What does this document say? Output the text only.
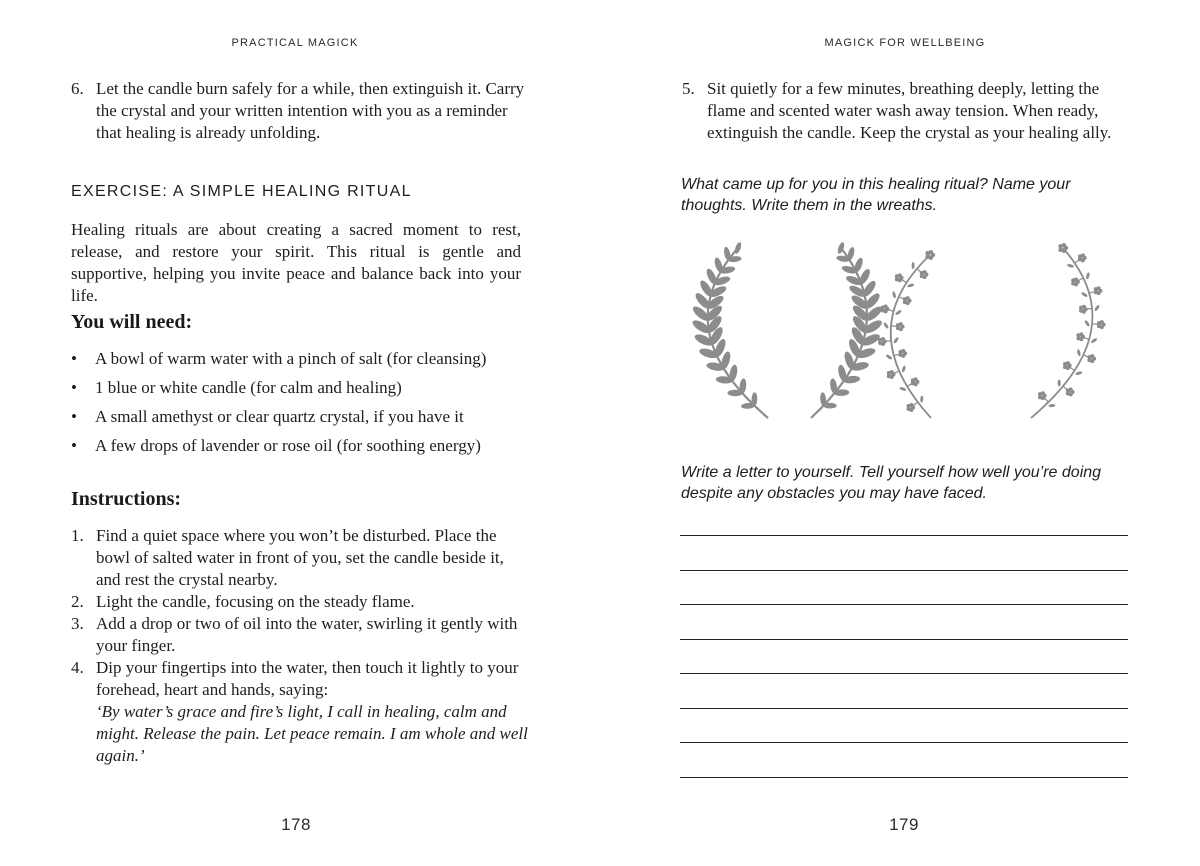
PRACTICAL MAGICK
6. Let the candle burn safely for a while, then extinguish it. Carry the crystal and your written intention with you as a reminder that healing is already unfolding.
EXERCISE: A SIMPLE HEALING RITUAL
Healing rituals are about creating a sacred moment to rest, release, and restore your spirit. This ritual is gentle and supportive, helping you invite peace and balance back into your life.
You will need:
• A bowl of warm water with a pinch of salt (for cleansing)
• 1 blue or white candle (for calm and healing)
• A small amethyst or clear quartz crystal, if you have it
• A few drops of lavender or rose oil (for soothing energy)
Instructions:
1. Find a quiet space where you won’t be disturbed. Place the bowl of salted water in front of you, set the candle beside it, and rest the crystal nearby.
2. Light the candle, focusing on the steady flame.
3. Add a drop or two of oil into the water, swirling it gently with your finger.
4. Dip your fingertips into the water, then touch it lightly to your forehead, heart and hands, saying:
‘By water’s grace and fire’s light, I call in healing, calm and might. Release the pain. Let peace remain. I am whole and well again.’
178
MAGICK FOR WELLBEING
5. Sit quietly for a few minutes, breathing deeply, letting the flame and scented water wash away tension. When ready, extinguish the candle. Keep the crystal as your healing ally.
What came up for you in this healing ritual? Name your thoughts. Write them in the wreaths.
Write a letter to yourself. Tell yourself how well you’re doing despite any obstacles you may have faced.
179
